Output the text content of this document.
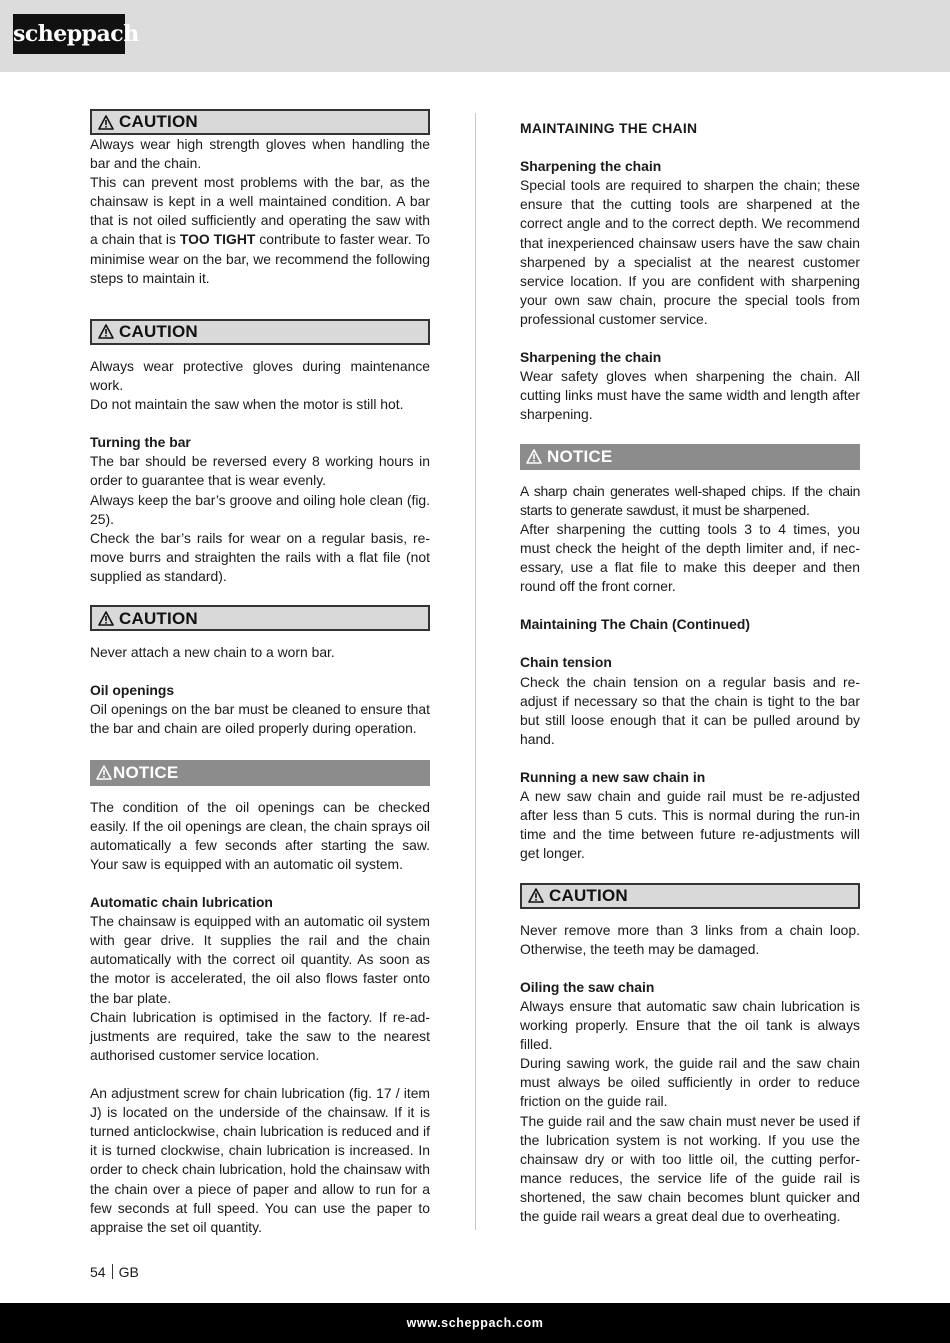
scheppach
CAUTION

Always wear high strength gloves when handling the bar and the chain.

This can prevent most problems with the bar, as the chainsaw is kept in a well maintained condition. A bar that is not oiled sufficiently and operating the saw with a chain that is TOO TIGHT contribute to faster wear. To minimise wear on the bar, we recommend the following steps to maintain it.

CAUTION

Always wear protective gloves during maintenance work.

Do not maintain the saw when the motor is still hot.

Turning the bar

The bar should be reversed every 8 working hours in order to guarantee that is wear evenly.

Always keep the bar’s groove and oiling hole clean (fig. 25).

Check the bar’s rails for wear on a regular basis, remove burrs and straighten the rails with a flat file (not supplied as standard).

CAUTION

Never attach a new chain to a worn bar.

Oil openings

Oil openings on the bar must be cleaned to ensure that the bar and chain are oiled properly during operation.

NOTICE

The condition of the oil openings can be checked easily. If the oil openings are clean, the chain sprays oil automatically a few seconds after starting the saw. Your saw is equipped with an automatic oil system.

Automatic chain lubrication

The chainsaw is equipped with an automatic oil system with gear drive. It supplies the rail and the chain automatically with the correct oil quantity. As soon as the motor is accelerated, the oil also flows faster onto the bar plate.

Chain lubrication is optimised in the factory. If re-adjustments are required, take the saw to the nearest authorised customer service location.

An adjustment screw for chain lubrication (fig. 17 / item J) is located on the underside of the chainsaw. If it is turned anticlockwise, chain lubrication is reduced and if it is turned clockwise, chain lubrication is increased. In order to check chain lubrication, hold the chainsaw with the chain over a piece of paper and allow to run for a few seconds at full speed. You can use the paper to appraise the set oil quantity.

MAINTAINING THE CHAIN

Sharpening the chain

Special tools are required to sharpen the chain; these ensure that the cutting tools are sharpened at the correct angle and to the correct depth. We recommend that inexperienced chainsaw users have the saw chain sharpened by a specialist at the nearest customer service location. If you are confident with sharpening your own saw chain, procure the special tools from professional customer service.

Sharpening the chain

Wear safety gloves when sharpening the chain. All cutting links must have the same width and length after sharpening.

NOTICE

A sharp chain generates well-shaped chips. If the chain starts to generate sawdust, it must be sharpened.

After sharpening the cutting tools 3 to 4 times, you must check the height of the depth limiter and, if necessary, use a flat file to make this deeper and then round off the front corner.

Maintaining The Chain (Continued)

Chain tension

Check the chain tension on a regular basis and re-adjust if necessary so that the chain is tight to the bar but still loose enough that it can be pulled around by hand.

Running a new saw chain in

A new saw chain and guide rail must be re-adjusted after less than 5 cuts. This is normal during the run-in time and the time between future re-adjustments will get longer.

CAUTION

Never remove more than 3 links from a chain loop. Otherwise, the teeth may be damaged.

Oiling the saw chain

Always ensure that automatic saw chain lubrication is working properly. Ensure that the oil tank is always filled.

During sawing work, the guide rail and the saw chain must always be oiled sufficiently in order to reduce friction on the guide rail.

The guide rail and the saw chain must never be used if the lubrication system is not working. If you use the chainsaw dry or with too little oil, the cutting performance reduces, the service life of the guide rail is shortened, the saw chain becomes blunt quicker and the guide rail wears a great deal due to overheating.

54 GB
www.scheppach.com
